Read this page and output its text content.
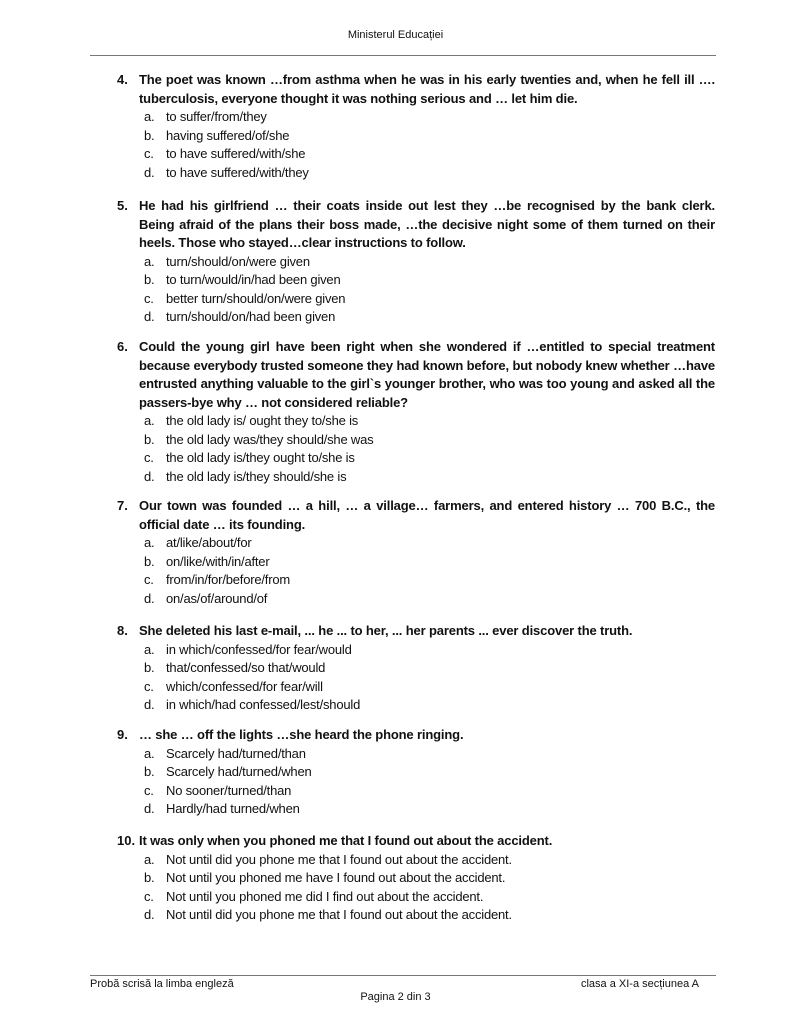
Ministerul Educației
4. The poet was known …from asthma when he was in his early twenties and, when he fell ill …. tuberculosis, everyone thought it was nothing serious and … let him die.
a. to suffer/from/they
b. having suffered/of/she
c. to have suffered/with/she
d. to have suffered/with/they
5. He had his girlfriend … their coats inside out lest they …be recognised by the bank clerk. Being afraid of the plans their boss made, …the decisive night some of them turned on their heels. Those who stayed…clear instructions to follow.
a. turn/should/on/were given
b. to turn/would/in/had been given
c. better turn/should/on/were given
d. turn/should/on/had been given
6. Could the young girl have been right when she wondered if …entitled to special treatment because everybody trusted someone they had known before, but nobody knew whether …have entrusted anything valuable to the girl`s younger brother, who was too young and asked all the passers-bye why … not considered reliable?
a. the old lady is/ ought they to/she is
b. the old lady was/they should/she was
c. the old lady is/they ought to/she is
d. the old lady is/they should/she is
7. Our town was founded … a hill, … a village… farmers, and entered history … 700 B.C., the official date … its founding.
a. at/like/about/for
b. on/like/with/in/after
c. from/in/for/before/from
d. on/as/of/around/of
8. She deleted his last e-mail, ... he ... to her, ... her parents ... ever discover the truth.
a. in which/confessed/for fear/would
b. that/confessed/so that/would
c. which/confessed/for fear/will
d. in which/had confessed/lest/should
9. … she … off the lights …she heard the phone ringing.
a. Scarcely had/turned/than
b. Scarcely had/turned/when
c. No sooner/turned/than
d. Hardly/had turned/when
10. It was only when you phoned me that I found out about the accident.
a. Not until did you phone me that I found out about the accident.
b. Not until you phoned me have I found out about the accident.
c. Not until you phoned me did I find out about the accident.
d. Not until did you phone me that I found out about the accident.
Probă scrisă la limba engleză	clasa a XI-a secțiunea A
Pagina 2 din 3
